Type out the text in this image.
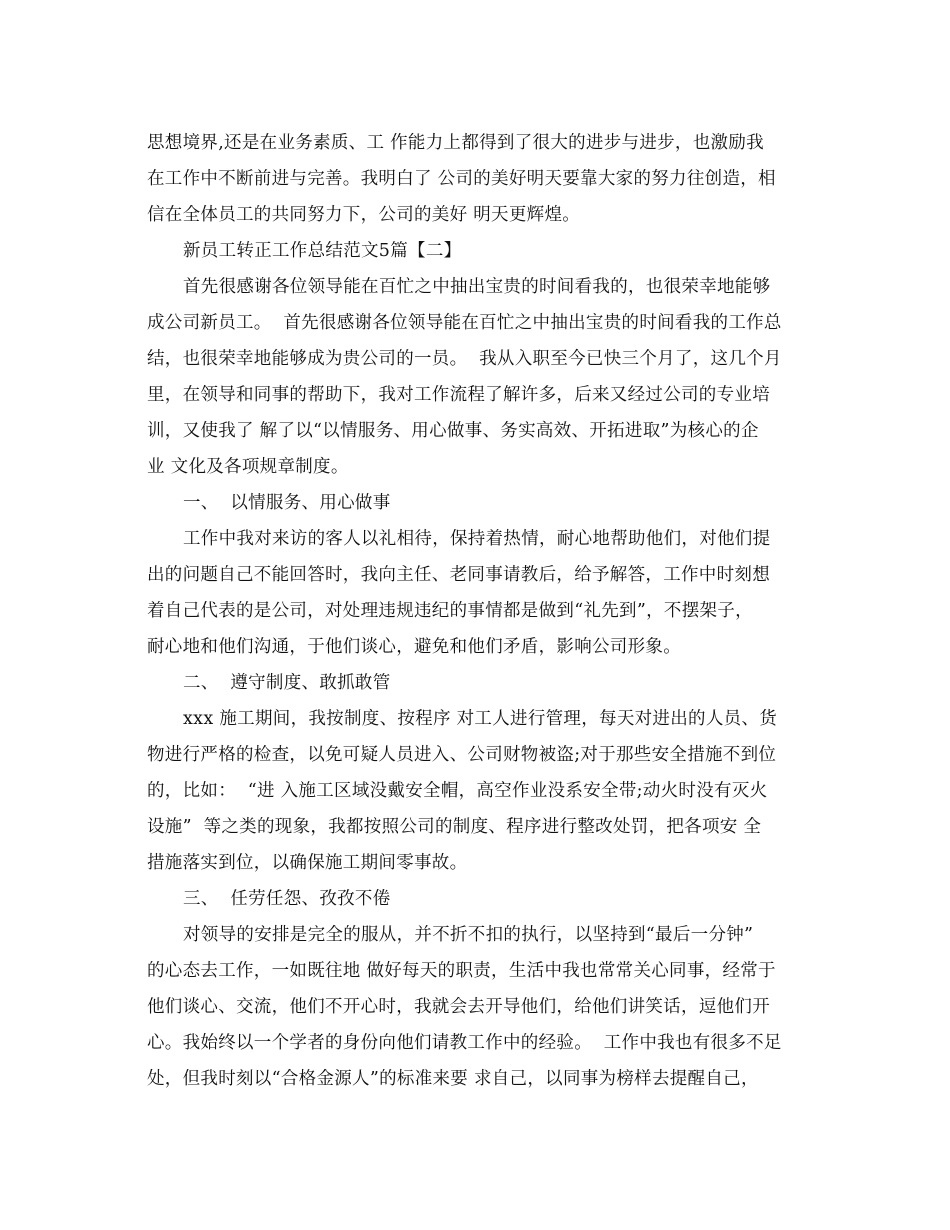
思想境界,还是在业务素质、工 作能力上都得到了很大的进步与进步，也激励我
在工作中不断前进与完善。我明白了 公司的美好明天要靠大家的努力往创造，相
信在全体员工的共同努力下，公司的美好 明天更辉煌。
新员工转正工作总结范文5篇【二】
首先很感谢各位领导能在百忙之中抽出宝贵的时间看我的，也很荣幸地能够
成公司新员工。  首先很感谢各位领导能在百忙之中抽出宝贵的时间看我的工作总
结，也很荣幸地能够成为贵公司的一员。  我从入职至今已快三个月了，这几个月
里，在领导和同事的帮助下，我对工作流程了解许多，后来又经过公司的专业培
训，又使我了 解了以“以情服务、用心做事、务实高效、开拓进取”为核心的企
业 文化及各项规章制度。
一、  以情服务、用心做事
工作中我对来访的客人以礼相待，保持着热情，耐心地帮助他们，对他们提
出的问题自己不能回答时，我向主任、老同事请教后，给予解答，工作中时刻想
着自己代表的是公司，对处理违规违纪的事情都是做到“礼先到”，不摆架子，
耐心地和他们沟通，于他们谈心，避免和他们矛盾，影响公司形象。
二、  遵守制度、敢抓敢管
xxx 施工期间，我按制度、按程序 对工人进行管理，每天对进出的人员、货
物进行严格的检查，以免可疑人员进入、公司财物被盗;对于那些安全措施不到位
的，比如：  “进 入施工区域没戴安全帽，高空作业没系安全带;动火时没有灭火
设施”  等之类的现象，我都按照公司的制度、程序进行整改处罚，把各项安 全
措施落实到位，以确保施工期间零事故。
三、  任劳任怨、孜孜不倦
对领导的安排是完全的服从，并不折不扣的执行，以坚持到“最后一分钟”
的心态去工作，一如既往地 做好每天的职责，生活中我也常常关心同事，经常于
他们谈心、交流，他们不开心时，我就会去开导他们，给他们讲笑话，逗他们开
心。我始终以一个学者的身份向他们请教工作中的经验。  工作中我也有很多不足
处，但我时刻以“合格金源人”的标准来要 求自己，以同事为榜样去提醒自己，
